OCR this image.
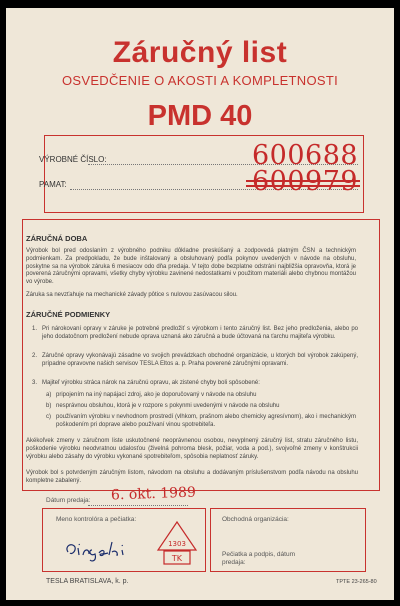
Záručný list
OSVEDČENIE O AKOSTI A KOMPLETNOSTI
PMD 40
VÝROBNÉ ČÍSLO:	600688
PAMAT:
ZÁRUČNÁ DOBA
Výrobok bol pred odoslaním z výrobného podniku dôkladne preskúšaný a zodpovedá platným ČSN a technickým podmienkam. Za predpokladu, že bude inštalovaný a obsluhovaný podľa pokynov uvedených v návode na obsluhu, poskytne sa na výrobok záruka 6 mesiacov odo dňa predaja. V tejto dobe bezplatne odstráni najbližšia opravovňa, ktorá je poverená záručnými opravami, všetky chyby výrobku zavinené nedostatkami v použitom materiáli alebo chybnou montážou vo výrobe.
Záruka sa nevzťahuje na mechanické závady pôtice s nulovou zasúvacou silou.
ZÁRUČNÉ PODMIENKY
1. Pri nárokovaní opravy v záruke je potrebné predložiť s výrobkom i tento záručný list. Bez jeho predloženia, alebo po jeho dodatočnom predložení nebude oprava uznaná ako záručná a bude účtovaná na ťarchu majiteľa výrobku.
2. Záručné opravy vykonávajú zásadne vo svojich prevádzkach obchodné organizácie, u ktorých bol výrobok zakúpený, prípadne opravovne našich servisov TESLA Eltos a. p. Praha poverené záručnými opravami.
3. Majiteľ výrobku stráca nárok na záručnú opravu, ak zistené chyby boli spôsobené:
a) pripojením na iný napájací zdroj, ako je doporučovaný v návode na obsluhu
b) nesprávnou obsluhou, ktorá je v rozpore s pokynmi uvedenými v návode na obsluhu
c) používaním výrobku v nevhodnom prostredí (vlhkom, prašnom alebo chemicky agresívnom), ako i mechanickým poškodením pri doprave alebo používaní vinou spotrebiteľa.
Akékoľvek zmeny v záručnom liste uskutočnené neoprávnenou osobou, nevyplnený záručný list, stratu záručného listu, poškodenie výrobku neodvratnou udalosťou (živelná pohroma blesk, požiar, voda a pod.), svojvoľné zmeny v konštrukcii výrobku alebo zásahy do výrobku vykonané spotrebiteľom, spôsobia neplatnosť záruky.
Výrobok bol s potvrdeným záručným listom, návodom na obsluhu a dodávaným príslušenstvom podľa návodu na obsluhu kompletne zabalený.
Dátum predaja: 6. okt. 1989
Meno kontrolóra a pečiatka:
1303
TK
Obchodná organizácia:
Pečiatka a podpis, dátum predaja:
TESLA BRATISLAVA, k. p.	TPTE 23-265-80
